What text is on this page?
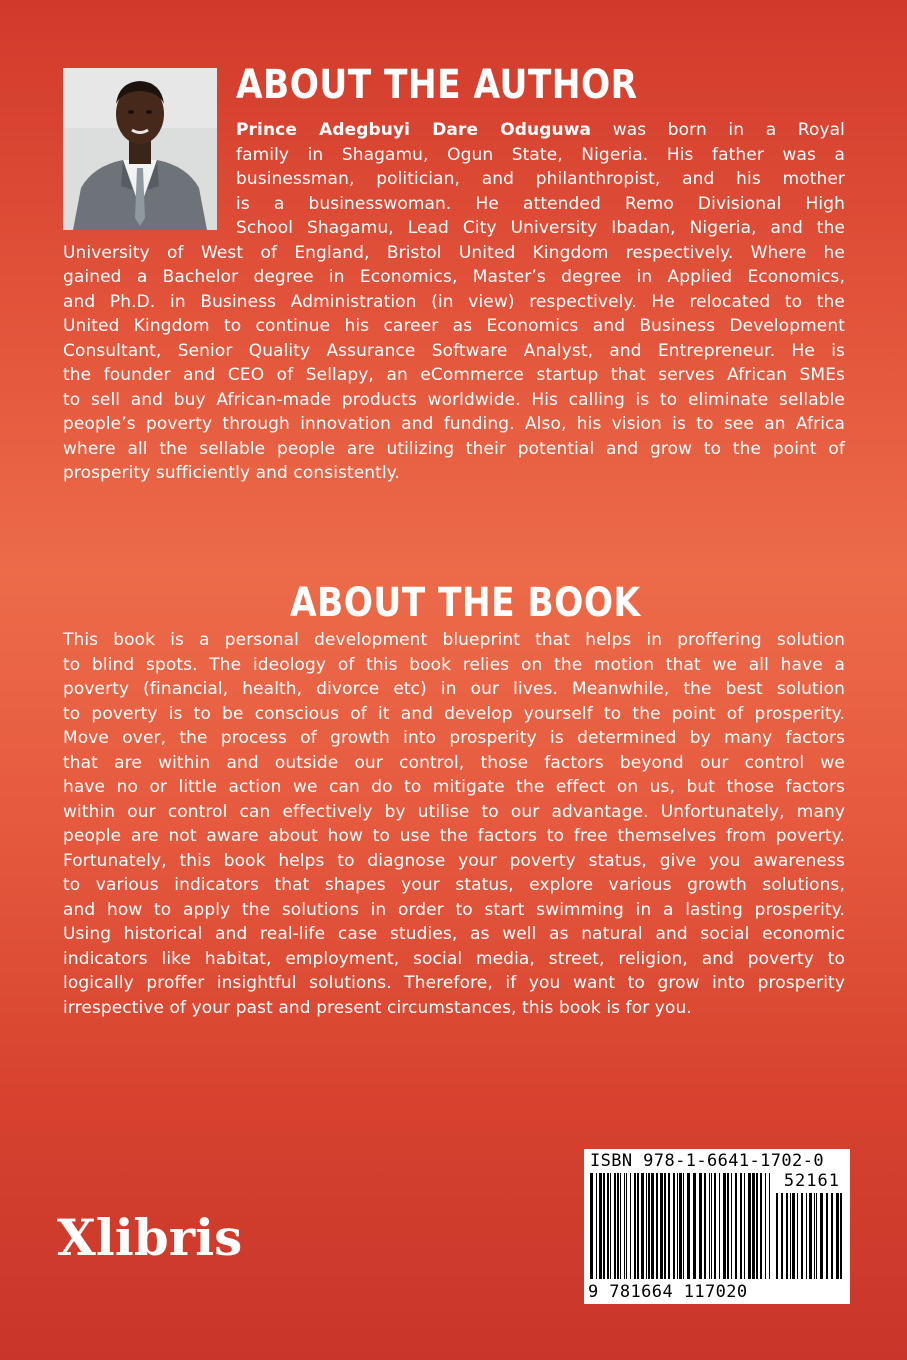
ABOUT THE AUTHOR
Prince Adegbuyi Dare Oduguwa was born in a Royal
family in Shagamu, Ogun State, Nigeria. His father was a
businessman, politician, and philanthropist, and his mother
is a businesswoman. He attended Remo Divisional High
School Shagamu, Lead City University Ibadan, Nigeria, and the
University of West of England, Bristol United Kingdom respectively. Where he
gained a Bachelor degree in Economics, Master’s degree in Applied Economics,
and Ph.D. in Business Administration (in view) respectively. He relocated to the
United Kingdom to continue his career as Economics and Business Development
Consultant, Senior Quality Assurance Software Analyst, and Entrepreneur. He is
the founder and CEO of Sellapy, an eCommerce startup that serves African SMEs
to sell and buy African-made products worldwide. His calling is to eliminate sellable
people’s poverty through innovation and funding. Also, his vision is to see an Africa
where all the sellable people are utilizing their potential and grow to the point of
prosperity sufficiently and consistently.
ABOUT THE BOOK
This book is a personal development blueprint that helps in proffering solution
to blind spots. The ideology of this book relies on the motion that we all have a
poverty (financial, health, divorce etc) in our lives. Meanwhile, the best solution
to poverty is to be conscious of it and develop yourself to the point of prosperity.
Move over, the process of growth into prosperity is determined by many factors
that are within and outside our control, those factors beyond our control we
have no or little action we can do to mitigate the effect on us, but those factors
within our control can effectively by utilise to our advantage. Unfortunately, many
people are not aware about how to use the factors to free themselves from poverty.
Fortunately, this book helps to diagnose your poverty status, give you awareness
to various indicators that shapes your status, explore various growth solutions,
and how to apply the solutions in order to start swimming in a lasting prosperity.
Using historical and real-life case studies, as well as natural and social economic
indicators like habitat, employment, social media, street, religion, and poverty to
logically proffer insightful solutions. Therefore, if you want to grow into prosperity
irrespective of your past and present circumstances, this book is for you.
Xlibris
ISBN 978-1-6641-1702-0
52161
9 781664 117020
